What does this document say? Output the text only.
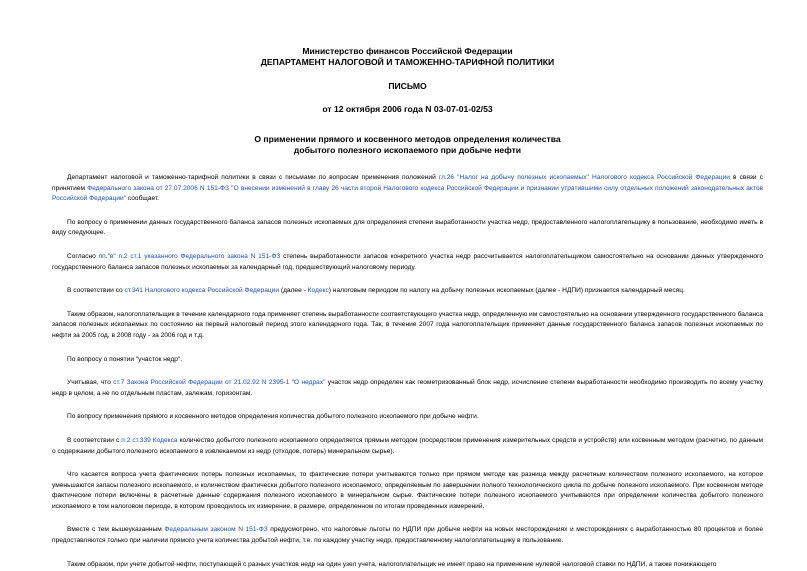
Министерство финансов Российской Федерации
ДЕПАРТАМЕНТ НАЛОГОВОЙ И ТАМОЖЕННО-ТАРИФНОЙ ПОЛИТИКИ
ПИСЬМО
от 12 октября 2006 года N 03-07-01-02/53
О применении прямого и косвенного методов определения количества
добытого полезного ископаемого при добыче нефти

Департамент налоговой и таможенно-тарифной политики в связи с письмами по вопросам применения положений гл.26 "Налог на добычу полезных ископаемых" Налогового кодекса Российской Федерации в связи с принятием Федерального закона от 27.07.2006 N 151-ФЗ "О внесении изменений в главу 26 части второй Налогового кодекса Российской Федерации и признании утратившими силу отдельных положений законодательных актов Российской Федерации" сообщает.

По вопросу о применении данных государственного баланса запасов полезных ископаемых для определения степени выработанности участка недр, предоставленного налогоплательщику в пользование, необходимо иметь в виду следующее.

Согласно пп."в" п.2 ст.1 указанного Федерального закона N 151-ФЗ степень выработанности запасов конкретного участка недр рассчитывается налогоплательщиком самостоятельно на основании данных утвержденного государственного баланса запасов полезных ископаемых за календарный год, предшествующий налоговому периоду.

В соответствии со ст.341 Налогового кодекса Российской Федерации (далее - Кодекс) налоговым периодом по налогу на добычу полезных ископаемых (далее - НДПИ) признается календарный месяц.

Таким образом, налогоплательщик в течение календарного года применяет степень выработанности соответствующего участка недр, определенную им самостоятельно на основании утвержденного государственного баланса запасов полезных ископаемых по состоянию на первый налоговый период этого календарного года. Так, в течение 2007 года налогоплательщик применяет данные государственного баланса запасов полезных ископаемых по нефти за 2005 год, в 2008 году - за 2006 год и т.д.

По вопросу о понятии "участок недр".

Учитывая, что ст.7 Закона Российской Федерации от 21.02.92 N 2395-1 "О недрах" участок недр определен как геометризованный блок недр, исчисление степени выработанности необходимо производить по всему участку недр в целом, а не по отдельным пластам, залежам, горизонтам.

По вопросу применения прямого и косвенного методов определения количества добытого полезного ископаемого при добыче нефти.

В соответствии с п.2 ст.339 Кодекса количество добытого полезного ископаемого определяется прямым методом (посредством применения измерительных средств и устройств) или косвенным методом (расчетно, по данным о содержании добытого полезного ископаемого в извлекаемом из недр (отходов, потерь) минеральном сырье).

Что касается вопроса учета фактических потерь полезных ископаемых, то фактические потери учитываются только при прямом методе как разница между расчетным количеством полезного ископаемого, на которое уменьшаются запасы полезного ископаемого, и количеством фактически добытого полезного ископаемого, определяемым по завершении полного технологического цикла по добыче полезного ископаемого. При косвенном методе фактические потери включены в расчетные данные содержания полезного ископаемого в минеральном сырье. Фактические потери полезного ископаемого учитываются при определении количества добытого полезного ископаемого в том налоговом периоде, в котором проводилось их измерение, в размере, определенном по итогам проведенных измерений.

Вместе с тем вышеуказанным Федеральным законом N 151-ФЗ предусмотрено, что налоговые льготы по НДПИ при добыче нефти на новых месторождениях и месторождениях с выработанностью 80 процентов и более предоставляются только при наличии прямого учета количества добытой нефти, т.е. по каждому участку недр, предоставленному налогоплательщику в пользование.

Таким образом, при учете добытой нефти, поступающей с разных участков недр на один узел учета, налогоплательщик не имеет право на применение нулевой налоговой ставки по НДПИ, а также понижающего
